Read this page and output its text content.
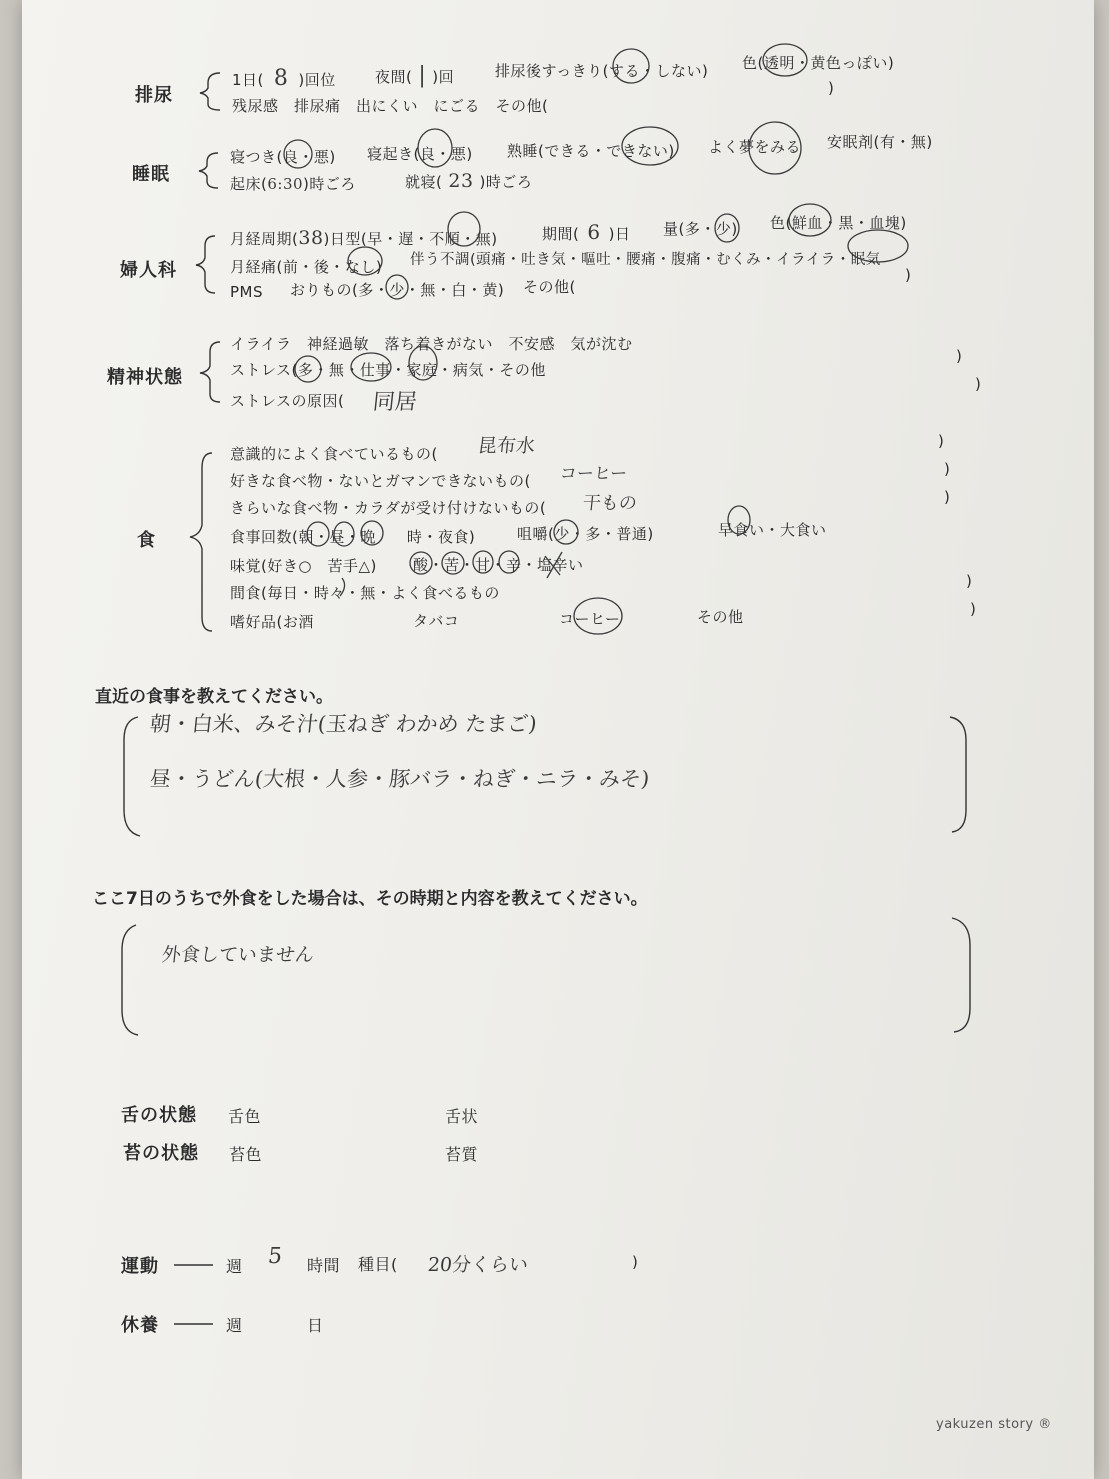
排尿
1日( 8 )回位	夜間( | )回	排尿後すっきり(する・しない) 色(透明・黄色っぽい)
残尿感　排尿痛　出にくい　にごる　その他(
)
睡眠
寝つき(良・悪) 寝起き(良・悪) 熟睡(できる・できない) よく夢をみる 安眠剤(有・無)
起床(6:30)時ごろ	就寝( 23 )時ごろ
婦人科
月経周期(38)日型(早・遅・不順・無)	期間( 6 )日 量(多・少) 色(鮮血・黒・血塊)
月経痛(前・後・なし) 伴う不調(頭痛・吐き気・嘔吐・腰痛・腹痛・むくみ・イライラ・眠気
)
PMS おりもの(多・少・無・白・黄) その他(
精神状態
イライラ　神経過敏　落ち着きがない　不安感　気が沈む
ストレス(多・無・仕事・家庭・病気・その他
)
ストレスの原因( 同居
)
食
意識的によく食べているもの( 昆布水	)
好きな食べ物・ないとガマンできないもの( コーヒー	)
きらいな食べ物・カラダが受け付けないもの( 干もの	)
食事回数(朝・昼・晩　　時・夜食)	咀嚼(少・多・普通)	早食い・大食い
味覚(好き○　苦手△) 酸・苦・甘・辛・塩辛い
間食(毎日・時々・無・よく食べるもの
)
嗜好品(お酒	タバコ	コーヒー	その他	)
直近の食事を教えてください。
朝・白米、みそ汁(玉ねぎ わかめ たまご)
昼・うどん(大根・人参・豚バラ・ねぎ・ニラ・みそ)
ここ7日のうちで外食をした場合は、その時期と内容を教えてください。
外食していません
舌の状態 舌色	舌状
苔の状態 苔色	苔質
運動	週 5 時間 種目( 20分くらい	)
休養	週	日
yakuzen story ®
